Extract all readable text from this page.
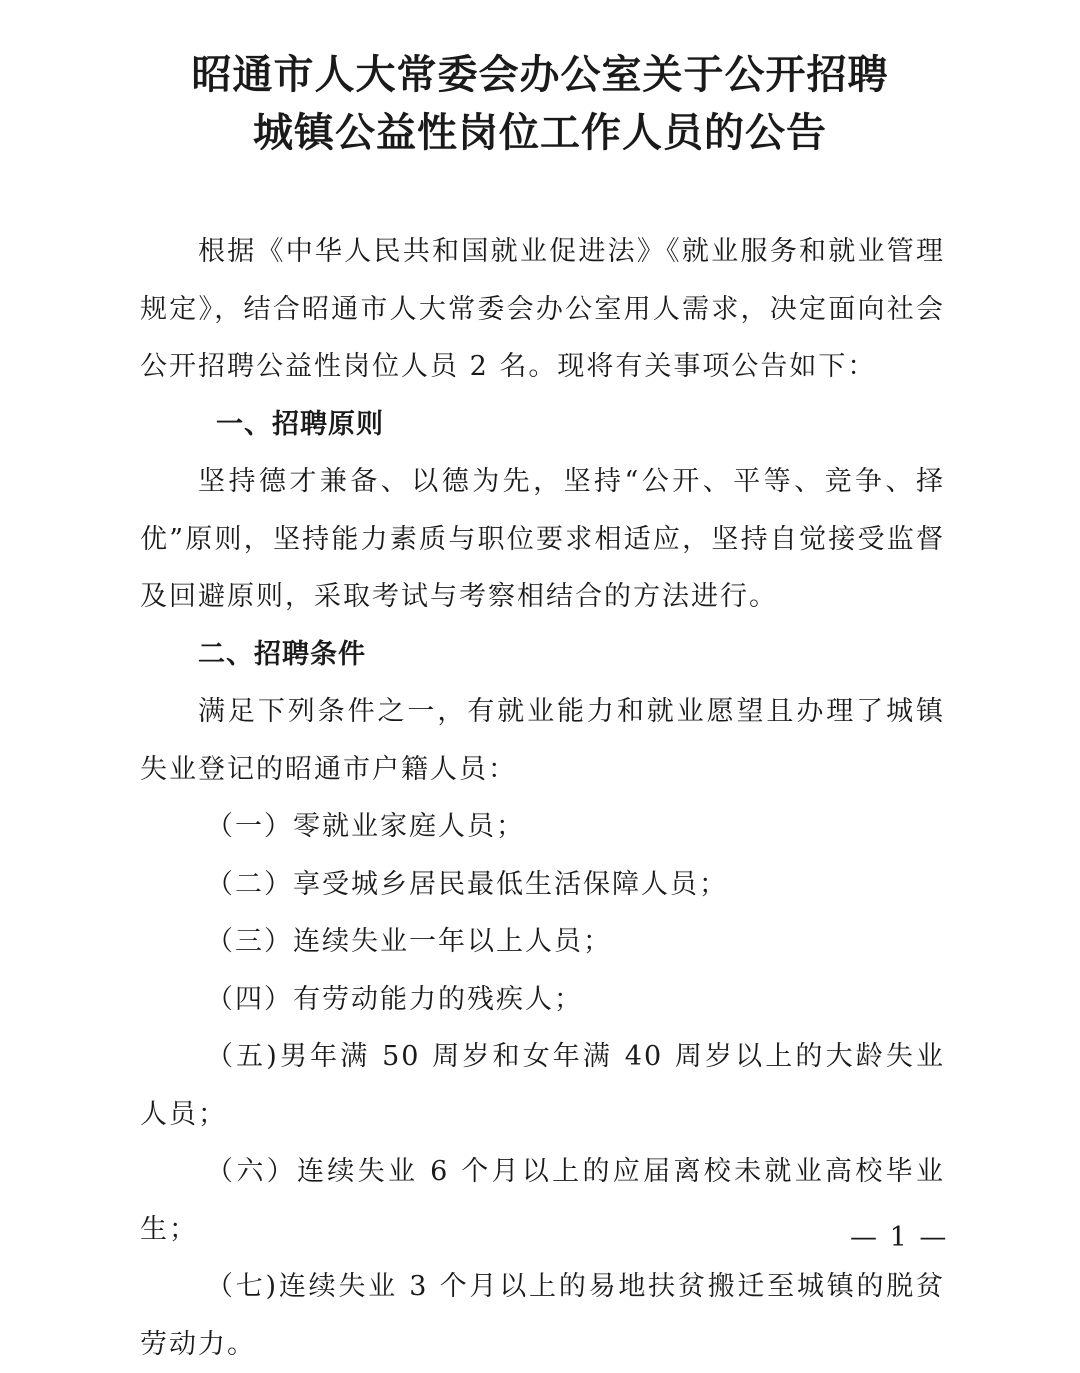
昭通市人大常委会办公室关于公开招聘
城镇公益性岗位工作人员的公告

根据《中华人民共和国就业促进法》《就业服务和就业管理规定》，结合昭通市人大常委会办公室用人需求，决定面向社会公开招聘公益性岗位人员 2 名。现将有关事项公告如下：

一、招聘原则

坚持德才兼备、以德为先，坚持“公开、平等、竞争、择优”原则，坚持能力素质与职位要求相适应，坚持自觉接受监督及回避原则，采取考试与考察相结合的方法进行。

二、招聘条件

满足下列条件之一，有就业能力和就业愿望且办理了城镇失业登记的昭通市户籍人员：

（一）零就业家庭人员；

（二）享受城乡居民最低生活保障人员；

（三）连续失业一年以上人员；

（四）有劳动能力的残疾人；

（五)男年满 50 周岁和女年满 40 周岁以上的大龄失业人员；

（六）连续失业 6 个月以上的应届离校未就业高校毕业生；

（七)连续失业 3 个月以上的易地扶贫搬迁至城镇的脱贫劳动力。

— 1 —
